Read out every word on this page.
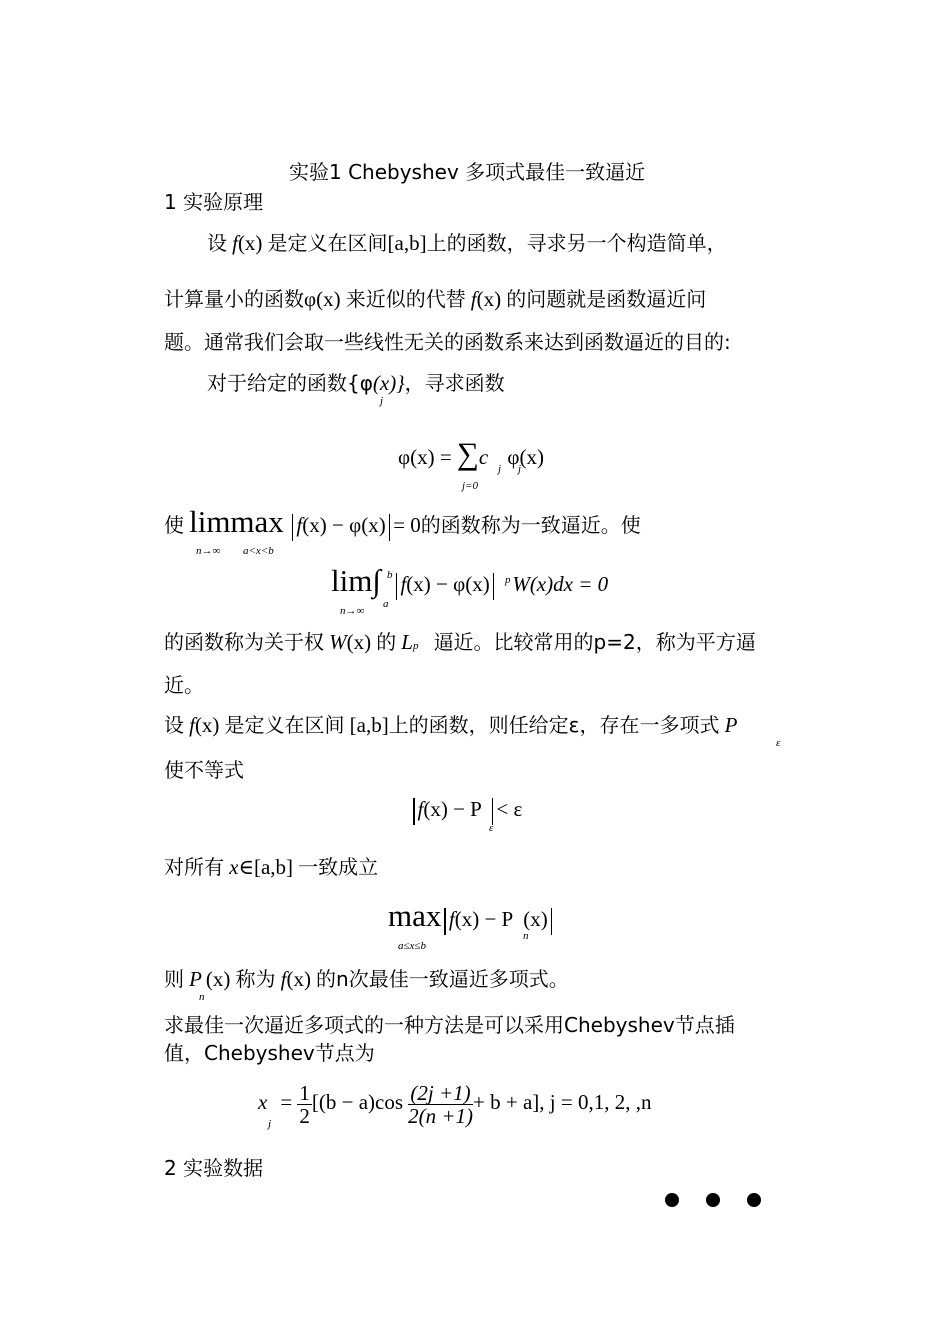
实验1 Chebyshev 多项式最佳一致逼近
1 实验原理
设 f(x) 是定义在区间[a,b]上的函数，寻求另一个构造简单，
计算量小的函数φ(x) 来近似的代替 f(x) 的问题就是函数逼近问
题。通常我们会取一些线性无关的函数系来达到函数逼近的目的:
对于给定的函数{φ(x)}，寻求函数
j
φ(x) = ∑c φ(x)
j j
j=0
使 limmax f(x) − φ(x) = 0的函数称为一致逼近。使
n→∞ a<x<b
lim∫ f(x) − φ(x) W(x)dx = 0
b
a
p
n→∞
的函数称为关于权 W(x) 的 Lp 逼近。比较常用的p=2，称为平方逼
近。
设 f(x) 是定义在区间 [a,b]上的函数，则任给定ε，存在一多项式 P
ε
使不等式
f(x) − P < ε
ε
对所有 x∈[a,b] 一致成立
max f(x) − P (x)
n
a≤x≤b
则 P (x) 称为 f(x) 的n次最佳一致逼近多项式。
n
求最佳一次逼近多项式的一种方法是可以采用Chebyshev节点插
值，Chebyshev节点为
$x = \frac{1}{2} [(b - a)\cos \frac{(2j +1)}{2(n +1)} + b + a]$, j = 0,1, 2, ,n
j
2 实验数据
